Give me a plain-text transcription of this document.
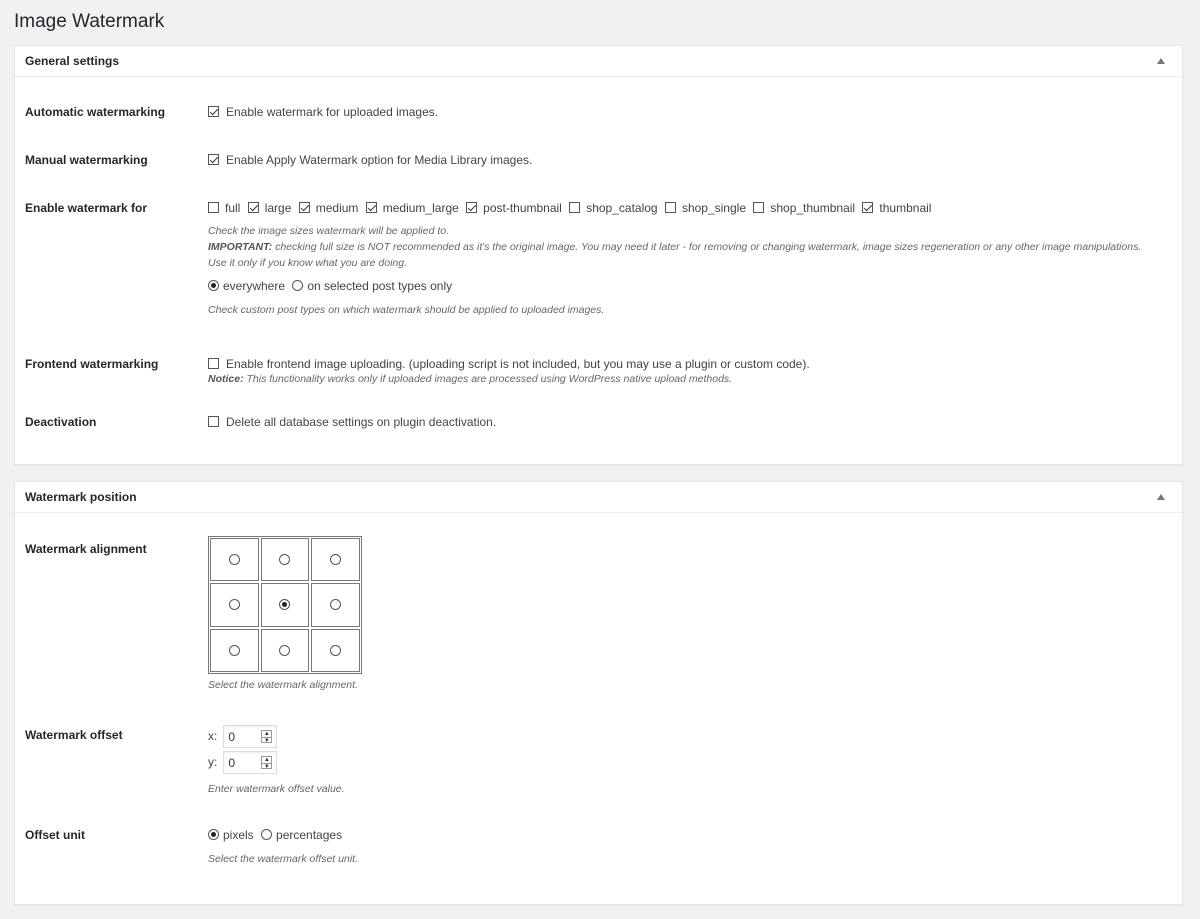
Image Watermark
General settings
Automatic watermarking	Enable watermark for uploaded images.
Manual watermarking	Enable Apply Watermark option for Media Library images.
Enable watermark for	full large medium medium_large post-thumbnail shop_catalog shop_single shop_thumbnail thumbnail
Check the image sizes watermark will be applied to.
IMPORTANT: checking full size is NOT recommended as it's the original image. You may need it later - for removing or changing watermark, image sizes regeneration or any other image manipulations.
Use it only if you know what you are doing.
everywhere on selected post types only
Check custom post types on which watermark should be applied to uploaded images.
Frontend watermarking	Enable frontend image uploading. (uploading script is not included, but you may use a plugin or custom code).
Notice: This functionality works only if uploaded images are processed using WordPress native upload methods.
Deactivation	Delete all database settings on plugin deactivation.
Watermark position
Watermark alignment
Select the watermark alignment.
Watermark offset	x: 0	▲
▼
y: 0	▲
▼
Enter watermark offset value.
Offset unit	pixels percentages
Select the watermark offset unit.
